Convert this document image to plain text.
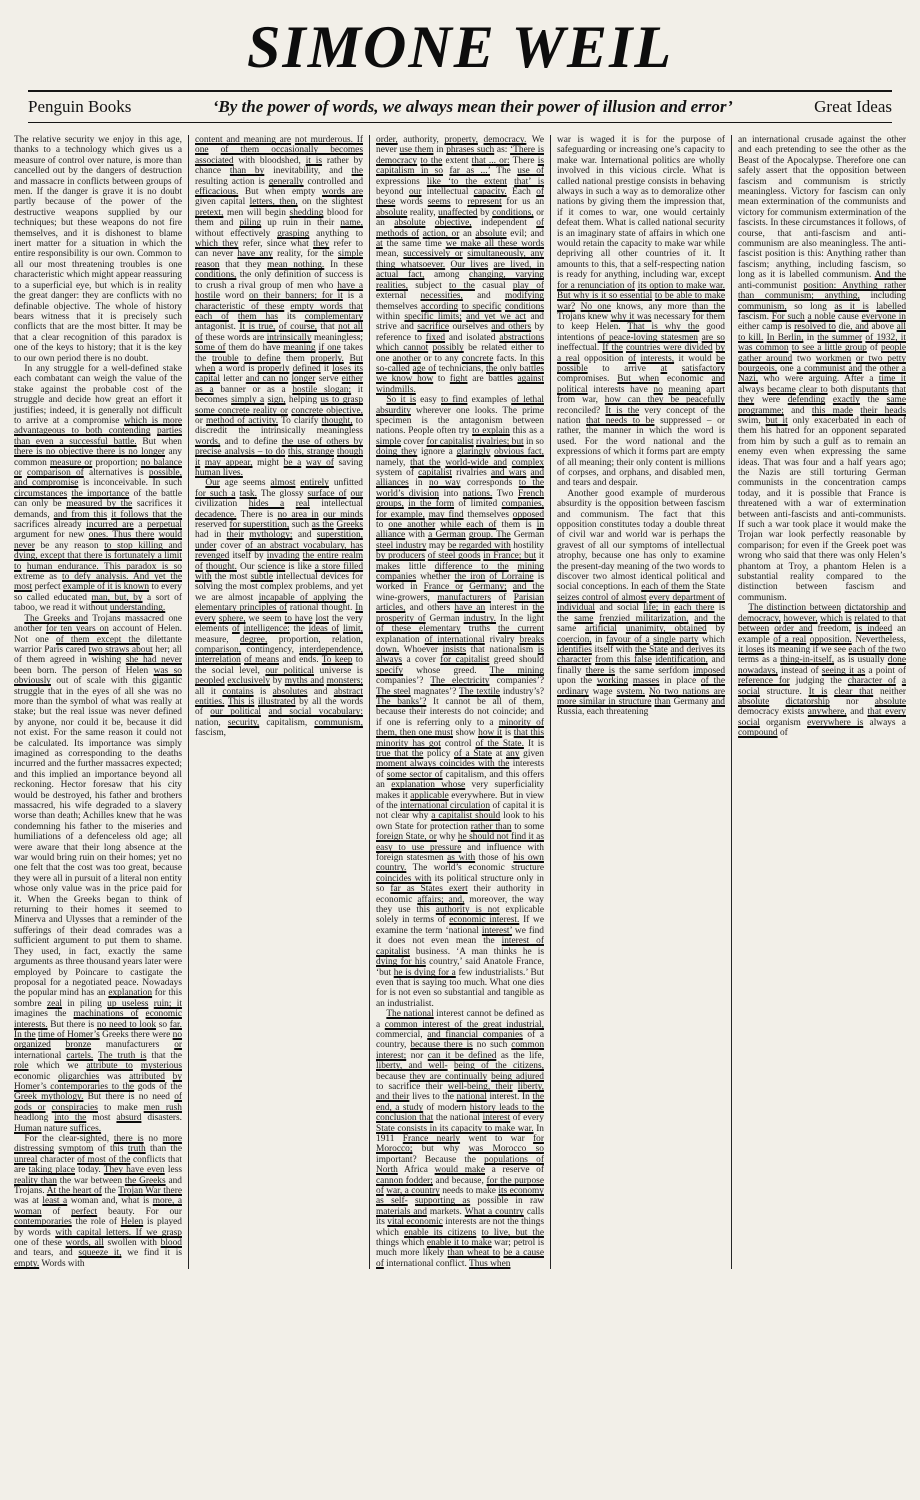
SIMONE WEIL
Penguin Books	‘By the power of words, we always mean their power of illusion and error’	Great Ideas

The relative security we enjoy in this age, thanks to a technology which gives us a measure of control over nature, is more than cancelled out by the dangers of destruction and massacre in conflicts between groups of men. If the danger is grave it is no doubt partly because of the power of the destructive weapons supplied by our techniques; but these weapons do not fire themselves, and it is dishonest to blame inert matter for a situation in which the entire responsibility is our own. Common to all our most threatening troubles is one characteristic which might appear reassuring to a superficial eye, but which is in reality the great danger: they are conflicts with no definable objective. The whole of history bears witness that it is precisely such conflicts that are the most bitter. It may be that a clear recognition of this paradox is one of the keys to history; that it is the key to our own period there is no doubt.

In any struggle for a well-defined stake each combatant can weigh the value of the stake against the probable cost of the struggle and decide how great an effort it justifies; indeed, it is generally not difficult to arrive at a compromise which is more advantageous to both contending parties than even a successful battle. But when there is no objective there is no longer any common measure or proportion; no balance or comparison of alternatives is possible, and compromise is inconceivable. In such circumstances the importance of the battle can only be measured by the sacrifices it demands, and from this it follows that the sacrifices already incurred are a perpetual argument for new ones. Thus there would never be any reason to stop killing and dying, except that there is fortunately a limit to human endurance. This paradox is so extreme as to defy analysis. And yet the most perfect example of it is known to every so called educated man, but, by a sort of taboo, we read it without understanding.

The Greeks and Trojans massacred one another for ten years on account of Helen. Not one of them except the dilettante warrior Paris cared two straws about her; all of them agreed in wishing she had never been born. The person of Helen was so obviously out of scale with this gigantic struggle that in the eyes of all she was no more than the symbol of what was really at stake; but the real issue was never defined by anyone, nor could it be, because it did not exist. For the same reason it could not be calculated. Its importance was simply imagined as corresponding to the deaths incurred and the further massacres expected; and this implied an importance beyond all reckoning. Hector foresaw that his city would be destroyed, his father and brothers massacred, his wife degraded to a slavery worse than death; Achilles knew that he was condemning his father to the miseries and humiliations of a defenceless old age; all were aware that their long absence at the war would bring ruin on their homes; yet no one felt that the cost was too great, because they were all in pursuit of a literal non entity whose only value was in the price paid for it. When the Greeks began to think of returning to their homes it seemed to Minerva and Ulysses that a reminder of the sufferings of their dead comrades was a sufficient argument to put them to shame. They used, in fact, exactly the same arguments as three thousand years later were employed by Poincare to castigate the proposal for a negotiated peace. Nowadays the popular mind has an explanation for this sombre zeal in piling up useless ruin; it imagines the machinations of economic interests. But there is no need to look so far. In the time of Homer’s Greeks there were no organized bronze manufacturers or international cartels. The truth is that the role which we attribute to mysterious economic oligarchies was attributed by Homer’s contemporaries to the gods of the Greek mythology. But there is no need of gods or conspiracies to make men rush headlong into the most absurd disasters. Human nature suffices.

For the clear-sighted, there is no more distressing symptom of this truth than the unreal character of most of the conflicts that are taking place today. They have even less reality than the war between the Greeks and Trojans. At the heart of the Trojan War there was at least a woman and, what is more, a woman of perfect beauty. For our contemporaries the role of Helen is played by words with capital letters. If we grasp one of these words, all swollen with blood and tears, and squeeze it, we find it is empty. Words with

content and meaning are not murderous. If one of them occasionally becomes associated with bloodshed, it is rather by chance than by inevitability, and the resulting action is generally controlled and efficacious. But when empty words are given capital letters, then, on the slightest pretext, men will begin shedding blood for them and piling up ruin in their name, without effectively grasping anything to which they refer, since what they refer to can never have any reality, for the simple reason that they mean nothing. In these conditions, the only definition of success is to crush a rival group of men who have a hostile word on their banners; for it is a characteristic of these empty words that each of them has its complementary antagonist. It is true, of course, that not all of these words are intrinsically meaningless; some of them do have meaning if one takes the trouble to define them properly. But when a word is properly defined it loses its capital letter and can no longer serve either as a banner or as a hostile slogan; it becomes simply a sign, helping us to grasp some concrete reality or concrete objective, or method of activity. To clarify thought, to discredit the intrinsically meaningless words, and to define the use of others by precise analysis – to do this, strange though it may appear, might be a way of saving human lives.

Our age seems almost entirely unfitted for such a task. The glossy surface of our civilization hides a real intellectual decadence. There is no area in our minds reserved for superstition, such as the Greeks had in their mythology; and superstition, under cover of an abstract vocabulary, has revenged itself by invading the entire realm of thought. Our science is like a store filled with the most subtle intellectual devices for solving the most complex problems, and yet we are almost incapable of applying the elementary principles of rational thought. In every sphere, we seem to have lost the very elements of intelligence: the ideas of limit, measure, degree, proportion, relation, comparison, contingency, interdependence, interrelation of means and ends. To keep to the social level, our political universe is peopled exclusively by myths and monsters; all it contains is absolutes and abstract entities. This is illustrated by all the words of our political and social vocabulary: nation, security, capitalism, communism, fascism,

order, authority, property, democracy. We never use them in phrases such as: ‘There is democracy to the extent that ... or: There is capitalism in so far as ...’ The use of expressions like ‘to the extent that’ is beyond our intellectual capacity. Each of these words seems to represent for us an absolute reality, unaffected by conditions, or an absolute objective, independent of methods of action, or an absolute evil; and at the same time we make all these words mean, successively or simultaneously, any thing whatsoever. Our lives are lived, in actual fact, among changing, varying realities, subject to the casual play of external necessities, and modifying themselves according to specific conditions within specific limits; and yet we act and strive and sacrifice ourselves and others by reference to fixed and isolated abstractions which cannot possibly be related either to one another or to any concrete facts. In this so-called age of technicians, the only battles we know how to fight are battles against windmills.

So it is easy to find examples of lethal absurdity wherever one looks. The prime specimen is the antagonism between nations. People often try to explain this as a simple cover for capitalist rivalries; but in so doing they ignore a glaringly obvious fact, namely, that the world-wide and complex system of capitalist rivalries and wars and alliances in no way corresponds to the world’s division into nations. Two French groups, in the form of limited companies, for example, may find themselves opposed to one another while each of them is in alliance with a German group. The German steel industry may be regarded with hostility by producers of steel goods in France; but it makes little difference to the mining companies whether the iron of Lorraine is worked in France or Germany; and the wine-growers, manufacturers of Parisian articles, and others have an interest in the prosperity of German industry. In the light of these elementary truths the current explanation of international rivalry breaks down. Whoever insists that nationalism is always a cover for capitalist greed should specify whose greed. The mining companies’? The electricity companies’? The steel magnates’? The textile industry’s? The banks’? It cannot be all of them, because their interests do not coincide; and if one is referring only to a minority of them, then one must show how it is that this minority has got control of the State. It is true that the policy of a State at any given moment always coincides with the interests of some sector of capitalism, and this offers an explanation whose very superficiality makes it applicable everywhere. But in view of the international circulation of capital it is not clear why a capitalist should look to his own State for protection rather than to some foreign State, or why he should not find it as easy to use pressure and influence with foreign statesmen as with those of his own country. The world’s economic structure coincides with its political structure only in so far as States exert their authority in economic affairs; and, moreover, the way they use this authority is not explicable solely in terms of economic interest. If we examine the term ‘national interest’ we find it does not even mean the interest of capitalist business. ‘A man thinks he is dying for his country,’ said Anatole France, ‘but he is dying for a few industrialists.’ But even that is saying too much. What one dies for is not even so substantial and tangible as an industrialist.

The national interest cannot be defined as a common interest of the great industrial, commercial, and financial companies of a country, because there is no such common interest; nor can it be defined as the life, liberty, and well- being of the citizens, because they are continually being adjured to sacrifice their well-being, their liberty, and their lives to the national interest. In the end, a study of modern history leads to the conclusion that the national interest of every State consists in its capacity to make war. In 1911 France nearly went to war for Morocco; but why was Morocco so important? Because the populations of North Africa would make a reserve of cannon fodder; and because, for the purpose of war, a country needs to make its economy as self- supporting as possible in raw materials and markets. What a country calls its vital economic interests are not the things which enable its citizens to live, but the things which enable it to make war; petrol is much more likely than wheat to be a cause of international conflict. Thus when

war is waged it is for the purpose of safeguarding or increasing one’s capacity to make war. International politics are wholly involved in this vicious circle. What is called national prestige consists in behaving always in such a way as to demoralize other nations by giving them the impression that, if it comes to war, one would certainly defeat them. What is called national security is an imaginary state of affairs in which one would retain the capacity to make war while depriving all other countries of it. It amounts to this, that a self-respecting nation is ready for anything, including war, except for a renunciation of its option to make war. But why is it so essential to be able to make war? No one knows, any more than the Trojans knew why it was necessary for them to keep Helen. That is why the good intentions of peace-loving statesmen are so ineffectual. If the countries were divided by a real opposition of interests, it would be possible to arrive at satisfactory compromises. But when economic and political interests have no meaning apart from war, how can they be peacefully reconciled? It is the very concept of the nation that needs to be suppressed – or rather, the manner in which the word is used. For the word national and the expressions of which it forms part are empty of all meaning; their only content is millions of corpses, and orphans, and disabled men, and tears and despair.

Another good example of murderous absurdity is the opposition between fascism and communism. The fact that this opposition constitutes today a double threat of civil war and world war is perhaps the gravest of all our symptoms of intellectual atrophy, because one has only to examine the present-day meaning of the two words to discover two almost identical political and social conceptions. In each of them the State seizes control of almost every department of individual and social life; in each there is the same frenzied militarization, and the same artificial unanimity, obtained by coercion, in favour of a single party which identifies itself with the State and derives its character from this false identification, and finally there is the same serfdom imposed upon the working masses in place of the ordinary wage system. No two nations are more similar in structure than Germany and Russia, each threatening

an international crusade against the other and each pretending to see the other as the Beast of the Apocalypse. Therefore one can safely assert that the opposition between fascism and communism is strictly meaningless. Victory for fascism can only mean extermination of the communists and victory for communism extermination of the fascists. In these circumstances it follows, of course, that anti-fascism and anti-communism are also meaningless. The anti-fascist position is this: Anything rather than fascism; anything, including fascism, so long as it is labelled communism. And the anti-communist position: Anything rather than communism; anything, including communism, so long as it is labelled fascism. For such a noble cause everyone in either camp is resolved to die, and above all to kill. In Berlin, in the summer of 1932, it was common to see a little group of people gather around two workmen or two petty bourgeois, one a communist and the other a Nazi, who were arguing. After a time it always became clear to both disputants that they were defending exactly the same programme; and this made their heads swim, but it only exacerbated in each of them his hatred for an opponent separated from him by such a gulf as to remain an enemy even when expressing the same ideas. That was four and a half years ago; the Nazis are still torturing German communists in the concentration camps today, and it is possible that France is threatened with a war of extermination between anti-fascists and anti-communists. If such a war took place it would make the Trojan war look perfectly reasonable by comparison; for even if the Greek poet was wrong who said that there was only Helen’s phantom at Troy, a phantom Helen is a substantial reality compared to the distinction between fascism and communism.

The distinction between dictatorship and democracy, however, which is related to that between order and freedom, is indeed an example of a real opposition. Nevertheless, it loses its meaning if we see each of the two terms as a thing-in-itself, as is usually done nowadays, instead of seeing it as a point of reference for judging the character of a social structure. It is clear that neither absolute dictatorship nor absolute democracy exists anywhere, and that every social organism everywhere is always a compound of
